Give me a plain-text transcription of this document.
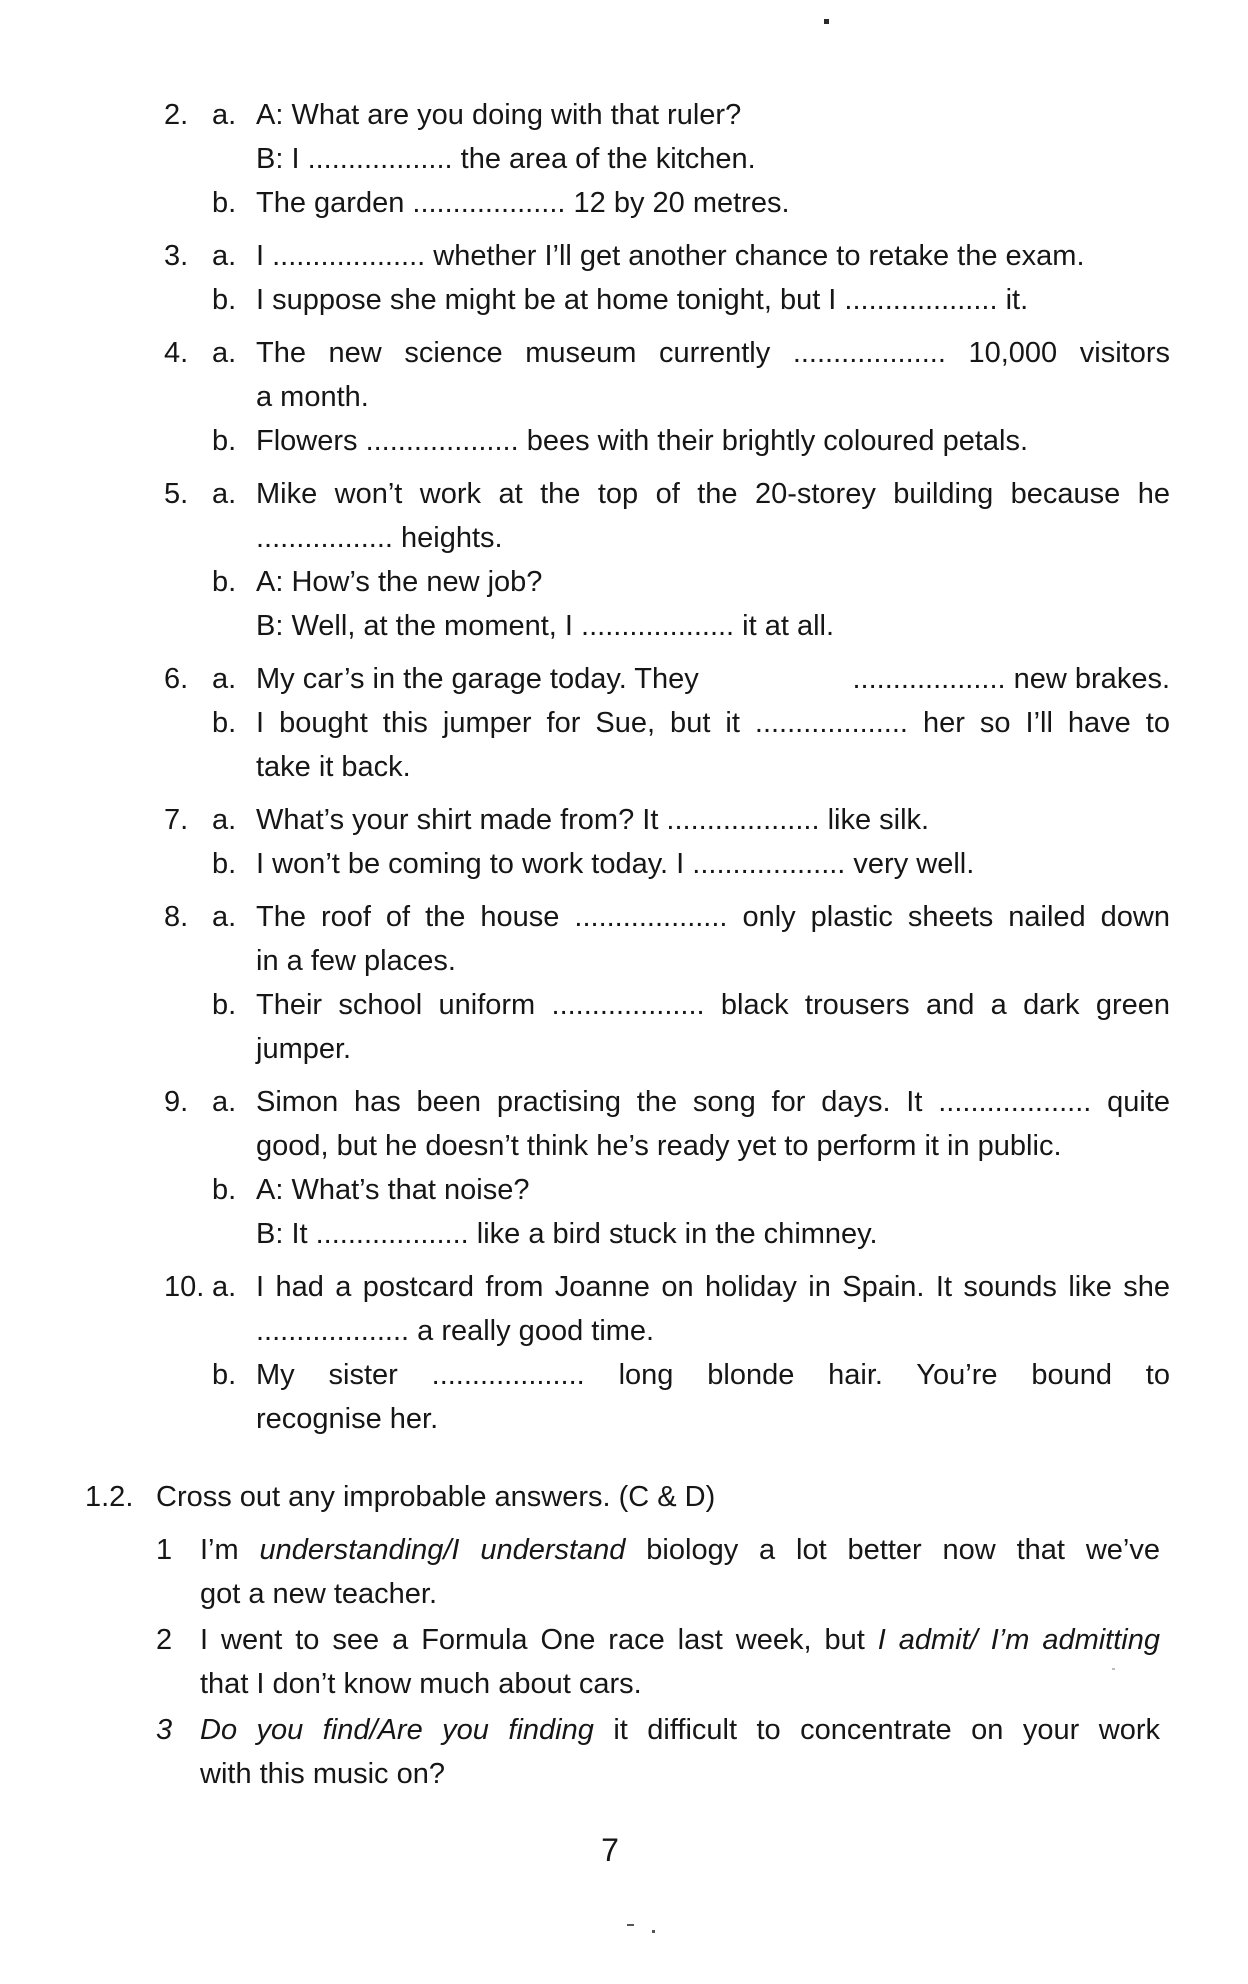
2. a. A: What are you doing with that ruler?
B: I .................. the area of the kitchen.
b. The garden ................... 12 by 20 metres.
3. a. I ................... whether I’ll get another chance to retake the exam.
b. I suppose she might be at home tonight, but I ................... it.
4. a. The new science museum currently ................... 10,000 visitors
a month.
b. Flowers ................... bees with their brightly coloured petals.
5. a. Mike won’t work at the top of the 20-storey building because he
................. heights.
b. A: How’s the new job?
B: Well, at the moment, I ................... it at all.
6. a. My car’s in the garage today. They	................... new brakes.
b. I bought this jumper for Sue, but it ................... her so I’ll have to
take it back.
7. a. What’s your shirt made from? It ................... like silk.
b. I won’t be coming to work today. I ................... very well.
8. a. The roof of the house ................... only plastic sheets nailed down
in a few places.
b. Their school uniform ................... black trousers and a dark green
jumper.
9. a. Simon has been practising the song for days. It ................... quite
good, but he doesn’t think he’s ready yet to perform it in public.
b. A: What’s that noise?
B: It ................... like a bird stuck in the chimney.
10. a. I had a postcard from Joanne on holiday in Spain. It sounds like she
................... a really good time.
b. My sister ................... long blonde hair. You’re bound to
recognise her.
1.2. Cross out any improbable answers. (C & D)
1 I’m understanding/I understand biology a lot better now that we’ve
got a new teacher.
2 I went to see a Formula One race last week, but I admit/ I’m admitting
that I don’t know much about cars.
3 Do you find/Are you finding it difficult to concentrate on your work
with this music on?
7
